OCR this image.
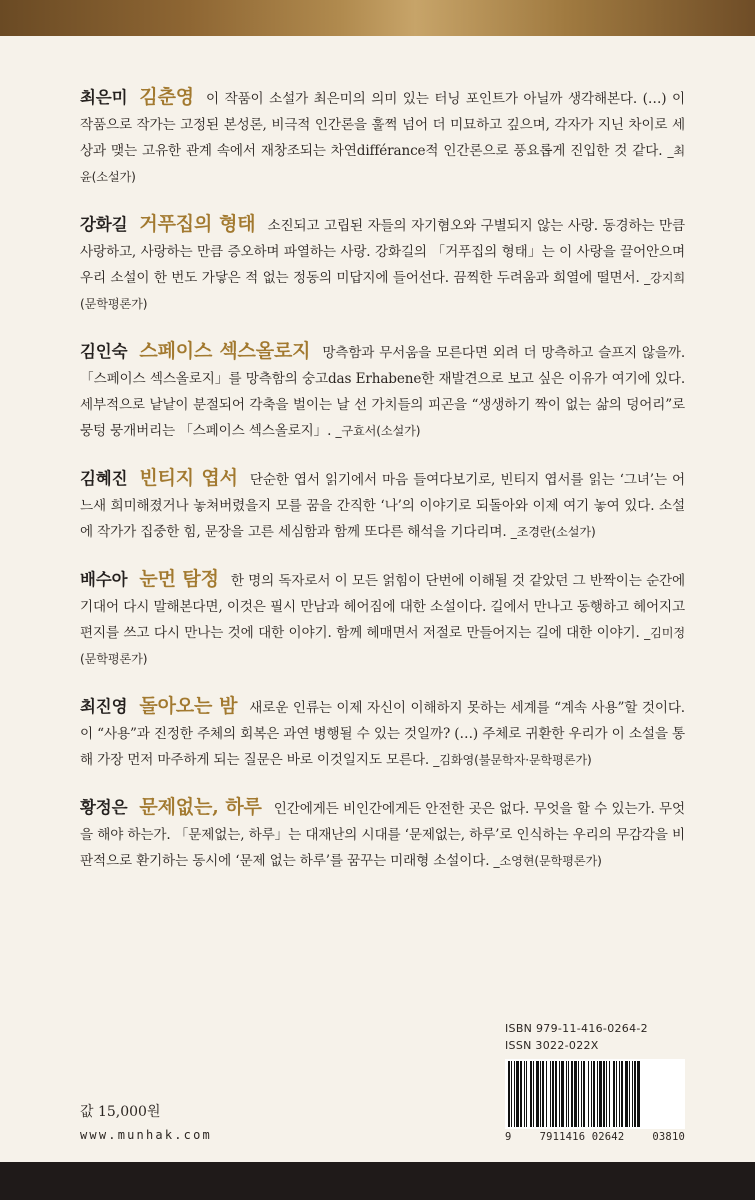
최은미 김춘영 이 작품이 소설가 최은미의 의미 있는 터닝 포인트가 아닐까 생각해본다. (…) 이 작품으로 작가는 고정된 본성론, 비극적 인간론을 훌쩍 넘어 더 미묘하고 깊으며, 각자가 지닌 차이로 세상과 맺는 고유한 관계 속에서 재창조되는 차연différance적 인간론으로 풍요롭게 진입한 것 같다. _최윤(소설가)

강화길 거푸집의 형태 소진되고 고립된 자들의 자기혐오와 구별되지 않는 사랑. 동경하는 만큼 사랑하고, 사랑하는 만큼 증오하며 파열하는 사랑. 강화길의 「거푸집의 형태」는 이 사랑을 끌어안으며 우리 소설이 한 번도 가닿은 적 없는 정동의 미답지에 들어선다. 끔찍한 두려움과 희열에 떨면서. _강지희(문학평론가)

김인숙 스페이스 섹스올로지 망측함과 무서움을 모른다면 외려 더 망측하고 슬프지 않을까. 「스페이스 섹스올로지」를 망측함의 숭고das Erhabene한 재발견으로 보고 싶은 이유가 여기에 있다. 세부적으로 낱낱이 분절되어 각축을 벌이는 날 선 가치들의 피곤을 “생생하기 짝이 없는 삶의 덩어리”로 뭉텅 뭉개버리는 「스페이스 섹스올로지」. _구효서(소설가)

김혜진 빈티지 엽서 단순한 엽서 읽기에서 마음 들여다보기로, 빈티지 엽서를 읽는 ‘그녀’는 어느새 희미해졌거나 놓쳐버렸을지 모를 꿈을 간직한 ‘나’의 이야기로 되돌아와 이제 여기 놓여 있다. 소설에 작가가 집중한 힘, 문장을 고른 세심함과 함께 또다른 해석을 기다리며. _조경란(소설가)

배수아 눈먼 탐정 한 명의 독자로서 이 모든 얽힘이 단번에 이해될 것 같았던 그 반짝이는 순간에 기대어 다시 말해본다면, 이것은 필시 만남과 헤어짐에 대한 소설이다. 길에서 만나고 동행하고 헤어지고 편지를 쓰고 다시 만나는 것에 대한 이야기. 함께 헤매면서 저절로 만들어지는 길에 대한 이야기. _김미정(문학평론가)

최진영 돌아오는 밤 새로운 인류는 이제 자신이 이해하지 못하는 세계를 “계속 사용”할 것이다. 이 “사용”과 진정한 주체의 회복은 과연 병행될 수 있는 것일까? (…) 주체로 귀환한 우리가 이 소설을 통해 가장 먼저 마주하게 되는 질문은 바로 이것일지도 모른다. _김화영(불문학자·문학평론가)

황정은 문제없는, 하루 인간에게든 비인간에게든 안전한 곳은 없다. 무엇을 할 수 있는가. 무엇을 해야 하는가. 「문제없는, 하루」는 대재난의 시대를 ‘문제없는, 하루’로 인식하는 우리의 무감각을 비판적으로 환기하는 동시에 ‘문제 없는 하루’를 꿈꾸는 미래형 소설이다. _소영현(문학평론가)

ISBN 979-11-416-0264-2
ISSN 3022-022X
9	7911416 02642	03810
값 15,000원
www.munhak.com
